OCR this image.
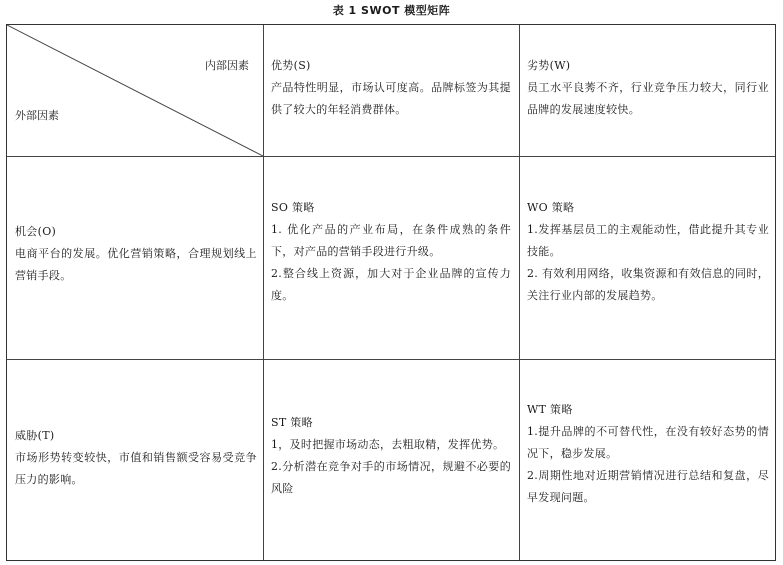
表 1 SWOT 模型矩阵
内部因素
外部因素
优势(S)
产品特性明显，市场认可度高。品牌标签为其提供了较大的年轻消费群体。
劣势(W)
员工水平良莠不齐，行业竞争压力较大，同行业品牌的发展速度较快。
机会(O)
电商平台的发展。优化营销策略，合理规划线上营销手段。
SO 策略
1. 优化产品的产业布局，在条件成熟的条件下，对产品的营销手段进行升级。
2.整合线上资源，加大对于企业品牌的宣传力度。
WO 策略
1.发挥基层员工的主观能动性，借此提升其专业技能。
2. 有效利用网络，收集资源和有效信息的同时，关注行业内部的发展趋势。
威胁(T)
市场形势转变较快，市值和销售额受容易受竞争压力的影响。
ST 策略
1，及时把握市场动态，去粗取精，发挥优势。
2.分析潜在竞争对手的市场情况，规避不必要的风险
WT 策略
1.提升品牌的不可替代性，在没有较好态势的情况下，稳步发展。
2.周期性地对近期营销情况进行总结和复盘，尽早发现问题。
